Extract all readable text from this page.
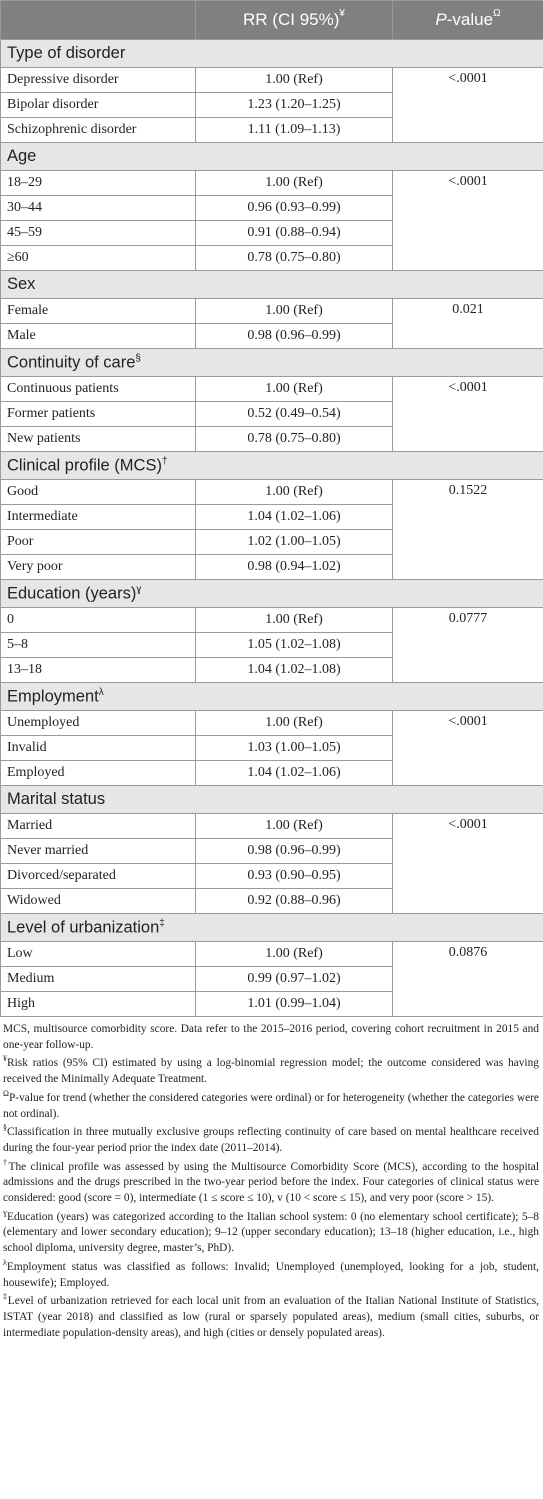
	RR (CI 95%)¥	P-value$^\Omega$
Type of disorder		
Depressive disorder	1.00 (Ref)	<.0001
Bipolar disorder	1.23 (1.20–1.25)	
Schizophrenic disorder	1.11 (1.09–1.13)	
Age		
18–29	1.00 (Ref)	<.0001
30–44	0.96 (0.93–0.99)	
45–59	0.91 (0.88–0.94)	
≥60	0.78 (0.75–0.80)	
Sex		
Female	1.00 (Ref)	0.021
Male	0.98 (0.96–0.99)	
Continuity of care§
Continuous patients	1.00 (Ref)	<.0001
Former patients	0.52 (0.49–0.54)	
New patients	0.78 (0.75–0.80)	
Clinical profile (MCS)†
Good	1.00 (Ref)	0.1522
Intermediate	1.04 (1.02–1.06)	
Poor	1.02 (1.00–1.05)	
Very poor	0.98 (0.94–1.02)	
Education (years)$^ɣ$
0	1.00 (Ref)	0.0777
5–8	1.05 (1.02–1.08)	
13–18	1.04 (1.02–1.08)	
Employment$^\lambda$
Unemployed	1.00 (Ref)	<.0001
Invalid	1.03 (1.00–1.05)	
Employed	1.04 (1.02–1.06)	
Marital status		
Married	1.00 (Ref)	<.0001
Never married	0.98 (0.96–0.99)	
Divorced/separated	0.93 (0.90–0.95)	
Widowed	0.92 (0.88–0.96)	
Level of urbanization‡
Low	1.00 (Ref)	0.0876
Medium	0.99 (0.97–1.02)	
High	1.01 (0.99–1.04)	

MCS, multisource comorbidity score. Data refer to the 2015–2016 period, covering cohort recruitment in 2015 and one-year follow-up.

¥Risk ratios (95% CI) estimated by using a log-binomial regression model; the outcome considered was having received the Minimally Adequate Treatment.

$^\Omega$P-value for trend (whether the considered categories were ordinal) or for heterogeneity (whether the categories were not ordinal).

§Classification in three mutually exclusive groups reflecting continuity of care based on mental healthcare received during the four-year period prior the index date (2011–2014).

†The clinical profile was assessed by using the Multisource Comorbidity Score (MCS), according to the hospital admissions and the drugs prescribed in the two-year period before the index. Four categories of clinical status were considered: good (score = 0), intermediate (1 ≤ score ≤ 10), v (10 < score ≤ 15), and very poor (score > 15).

$^ɣ$Education (years) was categorized according to the Italian school system: 0 (no elementary school certificate); 5–8 (elementary and lower secondary education); 9–12 (upper secondary education); 13–18 (higher education, i.e., high school diploma, university degree, master’s, PhD).

$^\lambda$Employment status was classified as follows: Invalid; Unemployed (unemployed, looking for a job, student, housewife); Employed.

‡Level of urbanization retrieved for each local unit from an evaluation of the Italian National Institute of Statistics, ISTAT (year 2018) and classified as low (rural or sparsely populated areas), medium (small cities, suburbs, or intermediate population-density areas), and high (cities or densely populated areas).
